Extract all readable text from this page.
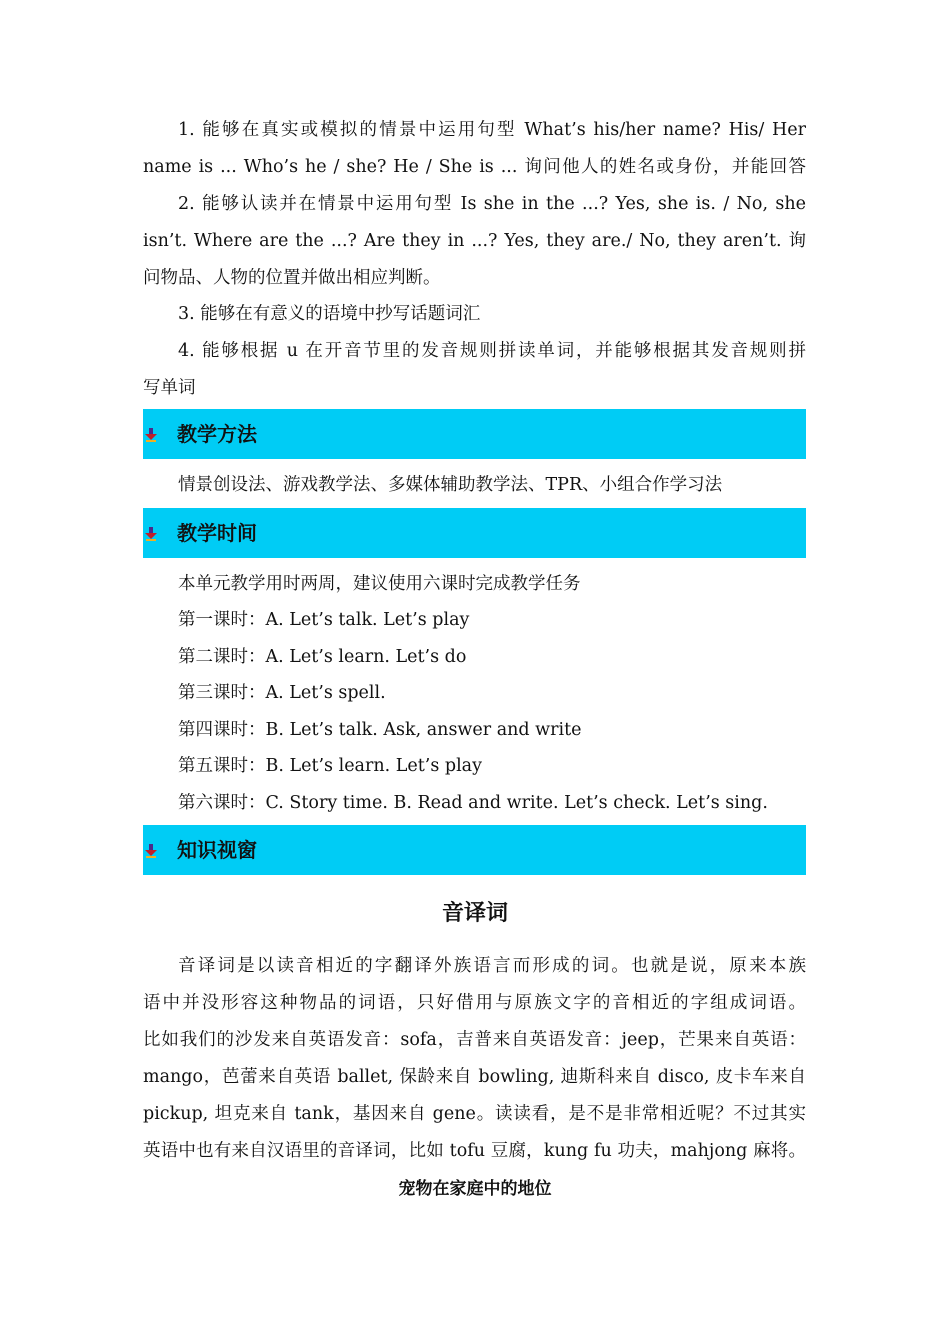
1. 能够在真实或模拟的情景中运用句型 What’s his/her name? His/ Her
name is ... Who’s he / she? He / She is ... 询问他人的姓名或身份，并能回答
2. 能够认读并在情景中运用句型 Is she in the ...? Yes, she is. / No, she
isn’t. Where are the ...? Are they in ...? Yes, they are./ No, they aren’t. 询
问物品、人物的位置并做出相应判断。
3. 能够在有意义的语境中抄写话题词汇
4. 能够根据 u 在开音节里的发音规则拼读单词，并能够根据其发音规则拼
写单词
教学方法
情景创设法、游戏教学法、多媒体辅助教学法、TPR、小组合作学习法
教学时间
本单元教学用时两周，建议使用六课时完成教学任务
第一课时：A. Let’s talk. Let’s play
第二课时：A. Let’s learn. Let’s do
第三课时：A. Let’s spell.
第四课时：B. Let’s talk. Ask, answer and write
第五课时：B. Let’s learn. Let’s play
第六课时：C. Story time. B. Read and write. Let’s check. Let’s sing.
知识视窗
音译词
音译词是以读音相近的字翻译外族语言而形成的词。也就是说，原来本族
语中并没形容这种物品的词语，只好借用与原族文字的音相近的字组成词语。
比如我们的沙发来自英语发音：sofa，吉普来自英语发音：jeep，芒果来自英语：
mango，芭蕾来自英语 ballet, 保龄来自 bowling, 迪斯科来自 disco, 皮卡车来自
pickup, 坦克来自 tank，基因来自 gene。读读看，是不是非常相近呢？不过其实
英语中也有来自汉语里的音译词，比如 tofu 豆腐，kung fu 功夫，mahjong 麻将。
宠物在家庭中的地位
